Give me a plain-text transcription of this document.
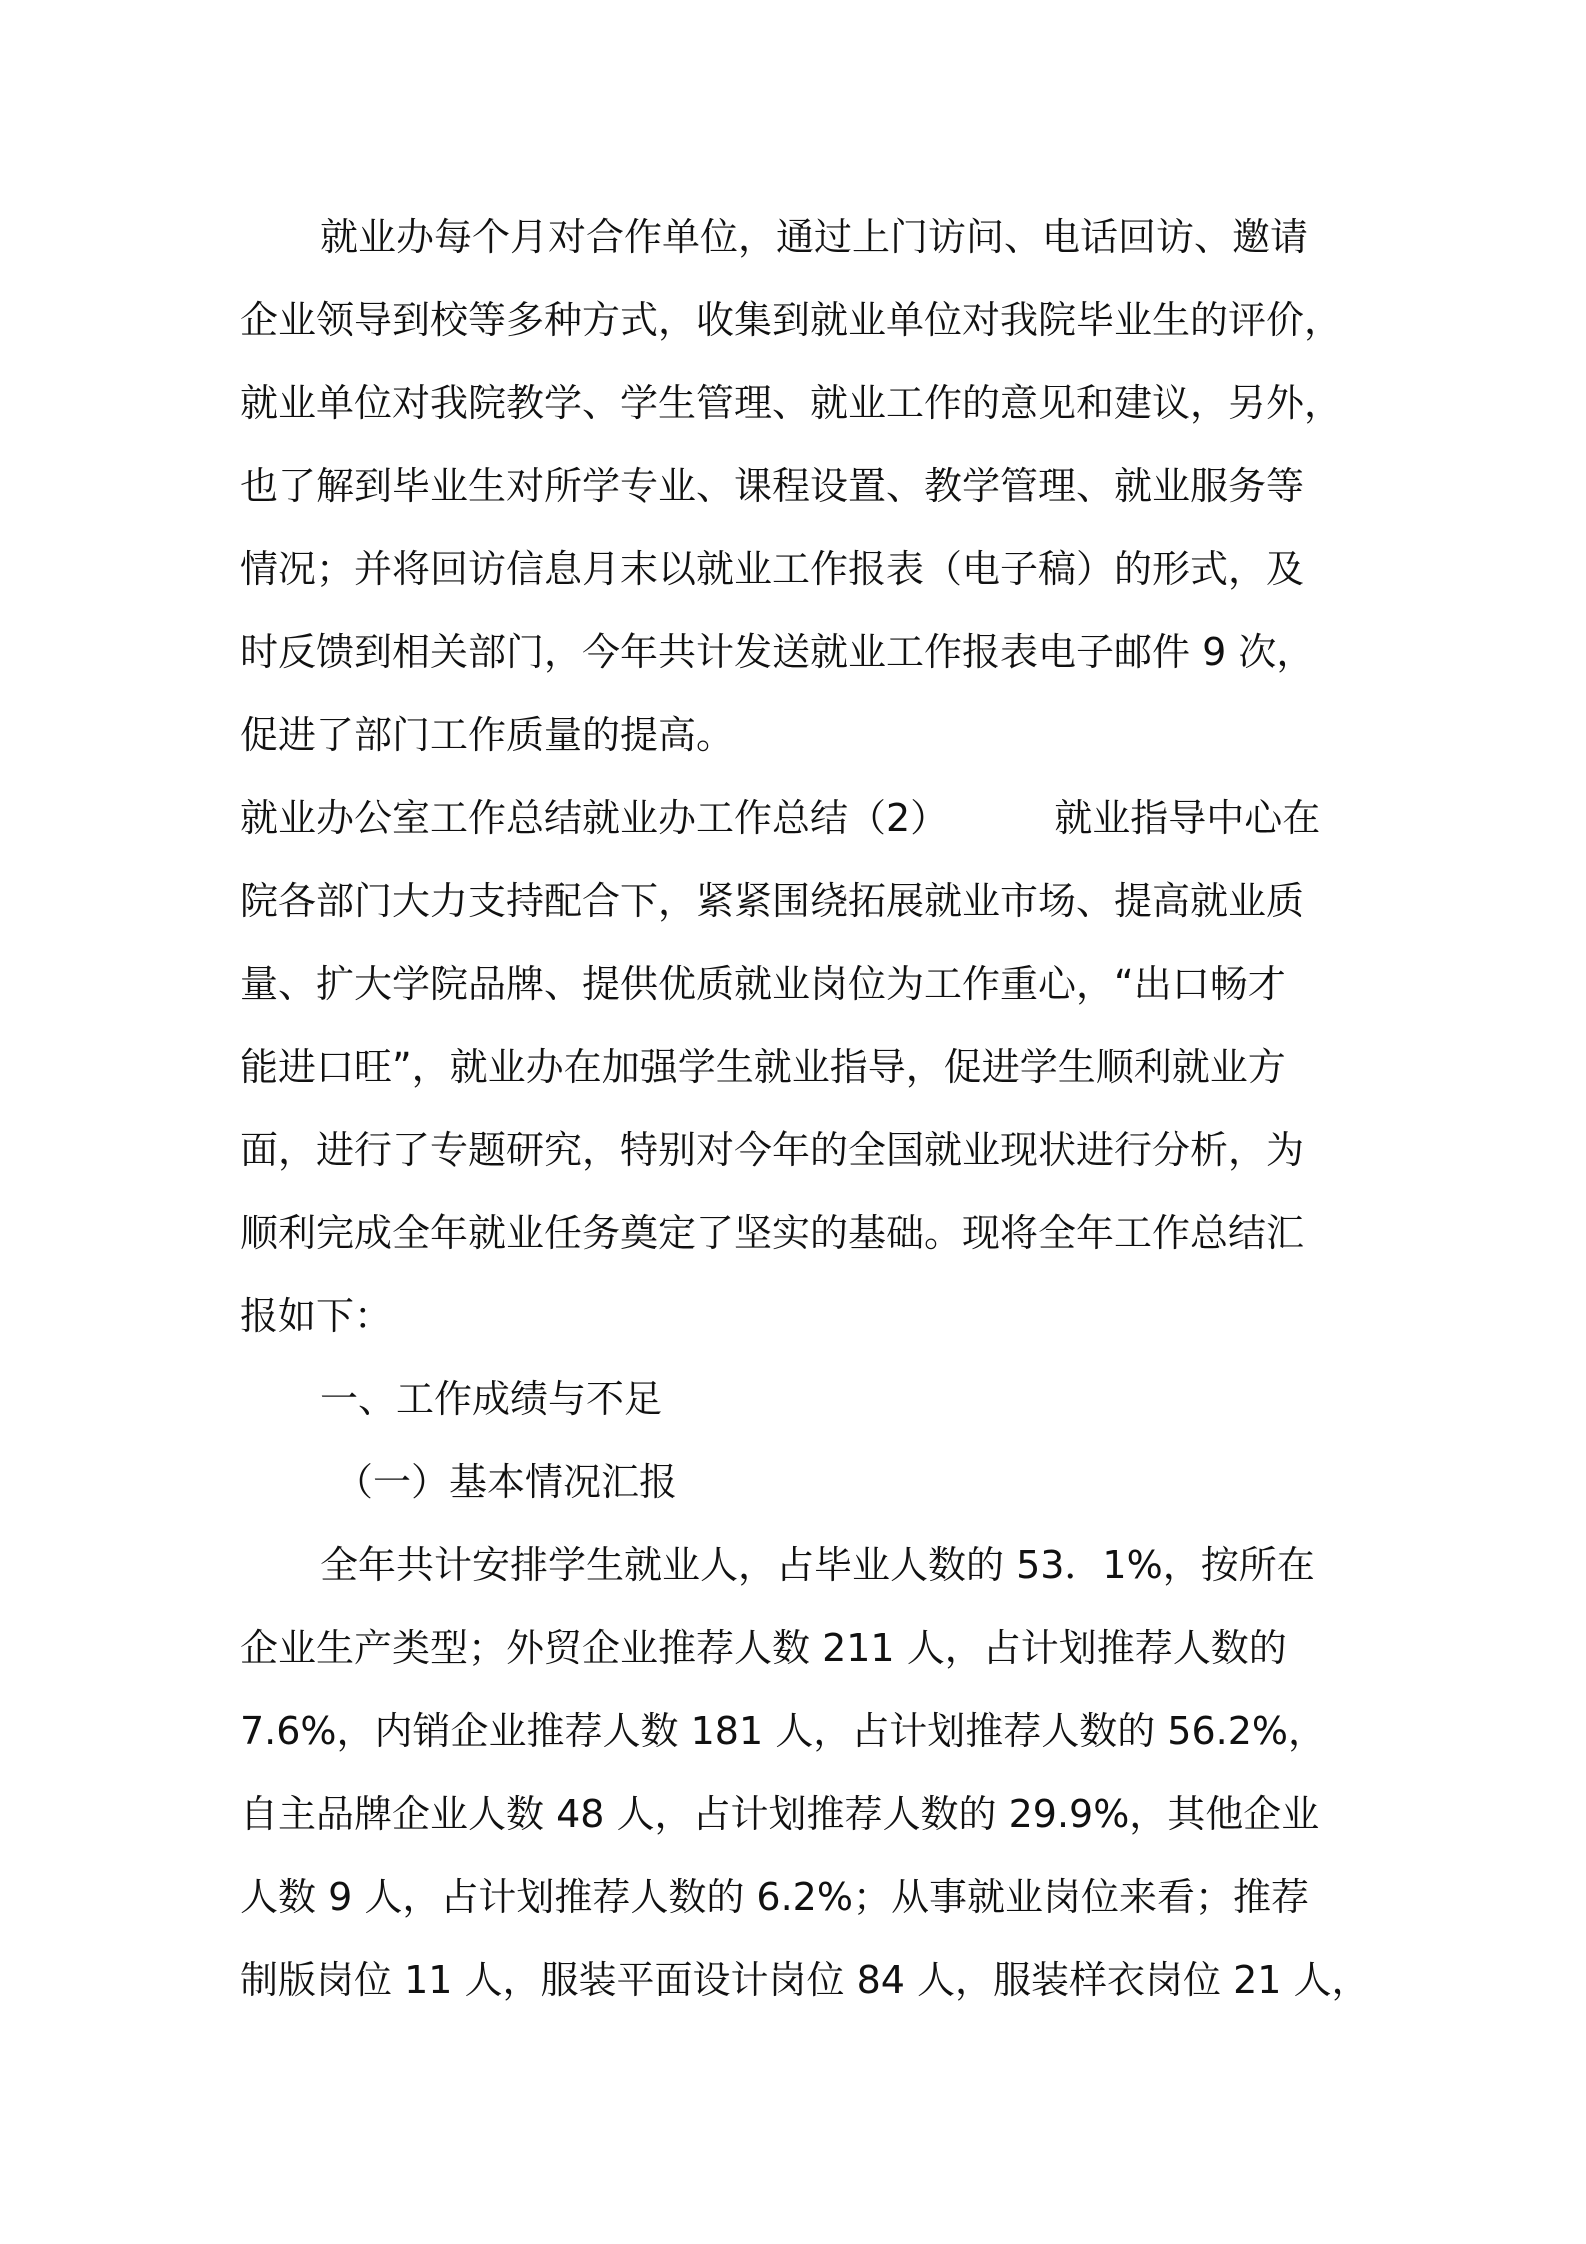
就业办每个月对合作单位，通过上门访问、电话回访、邀请
企业领导到校等多种方式，收集到就业单位对我院毕业生的评价，
就业单位对我院教学、学生管理、就业工作的意见和建议，另外，
也了解到毕业生对所学专业、课程设置、教学管理、就业服务等
情况；并将回访信息月末以就业工作报表（电子稿）的形式，及
时反馈到相关部门，今年共计发送就业工作报表电子邮件 9 次，
促进了部门工作质量的提高。
就业办公室工作总结就业办工作总结（2）	就业指导中心在
院各部门大力支持配合下，紧紧围绕拓展就业市场、提高就业质
量、扩大学院品牌、提供优质就业岗位为工作重心，“出口畅才
能进口旺”，就业办在加强学生就业指导，促进学生顺利就业方
面，进行了专题研究，特别对今年的全国就业现状进行分析，为
顺利完成全年就业任务奠定了坚实的基础。现将全年工作总结汇
报如下：
一、工作成绩与不足
（一）基本情况汇报
全年共计安排学生就业人，占毕业人数的 53．1%，按所在
企业生产类型；外贸企业推荐人数 211 人，占计划推荐人数的
7.6%，内销企业推荐人数 181 人，占计划推荐人数的 56.2%，
自主品牌企业人数 48 人，占计划推荐人数的 29.9%，其他企业
人数 9 人，占计划推荐人数的 6.2%；从事就业岗位来看；推荐
制版岗位 11 人，服装平面设计岗位 84 人，服装样衣岗位 21 人，
